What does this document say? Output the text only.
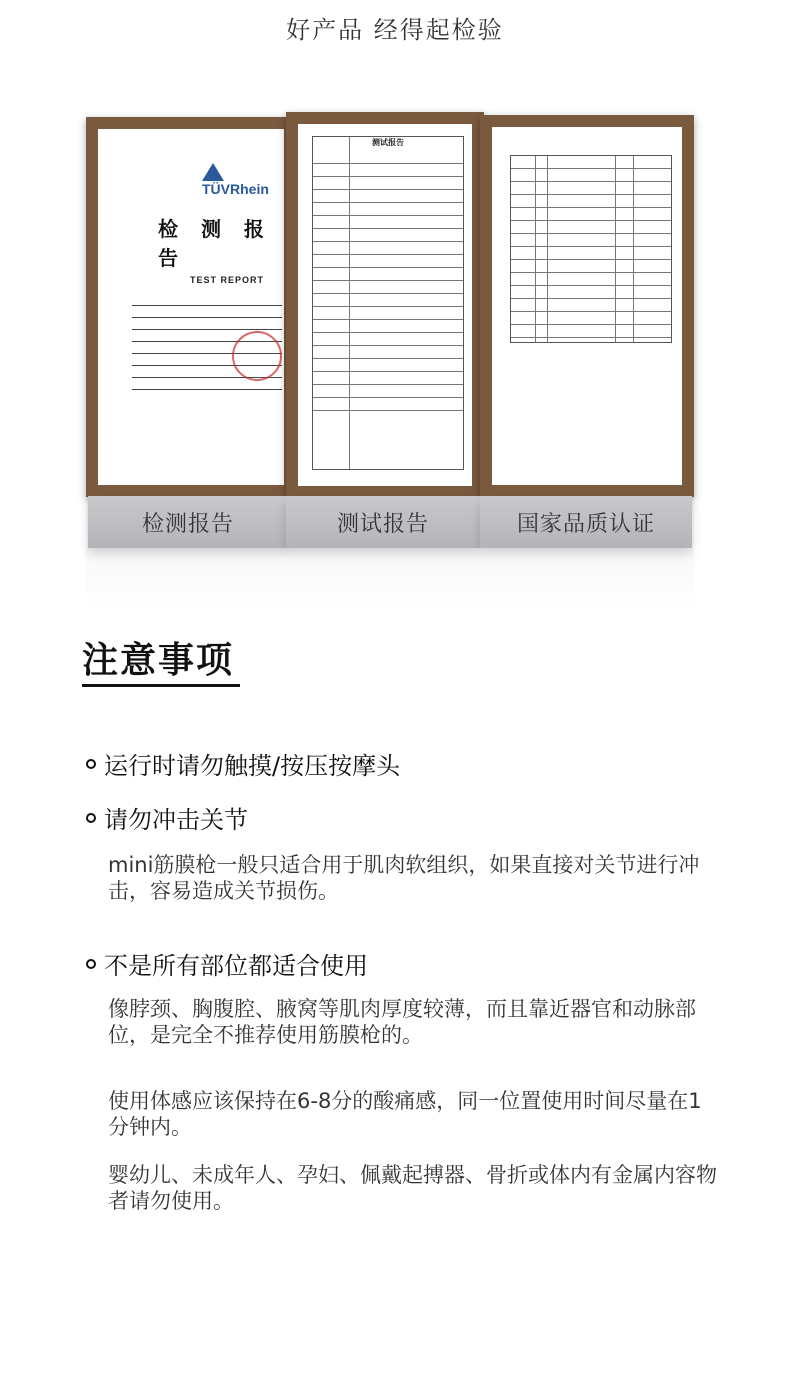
好产品 经得起检验
TÜVRhein
检 测 报 告
TEST REPORT
测试报告
检测报告	测试报告	国家品质认证
注意事项
运行时请勿触摸/按压按摩头
请勿冲击关节
mini筋膜枪一般只适合用于肌肉软组织，如果直接对关节进行冲击，容易造成关节损伤。
不是所有部位都适合使用
像脖颈、胸腹腔、腋窝等肌肉厚度较薄，而且靠近器官和动脉部位，是完全不推荐使用筋膜枪的。
使用体感应该保持在6-8分的酸痛感，同一位置使用时间尽量在1分钟内。
婴幼儿、未成年人、孕妇、佩戴起搏器、骨折或体内有金属内容物者请勿使用。
